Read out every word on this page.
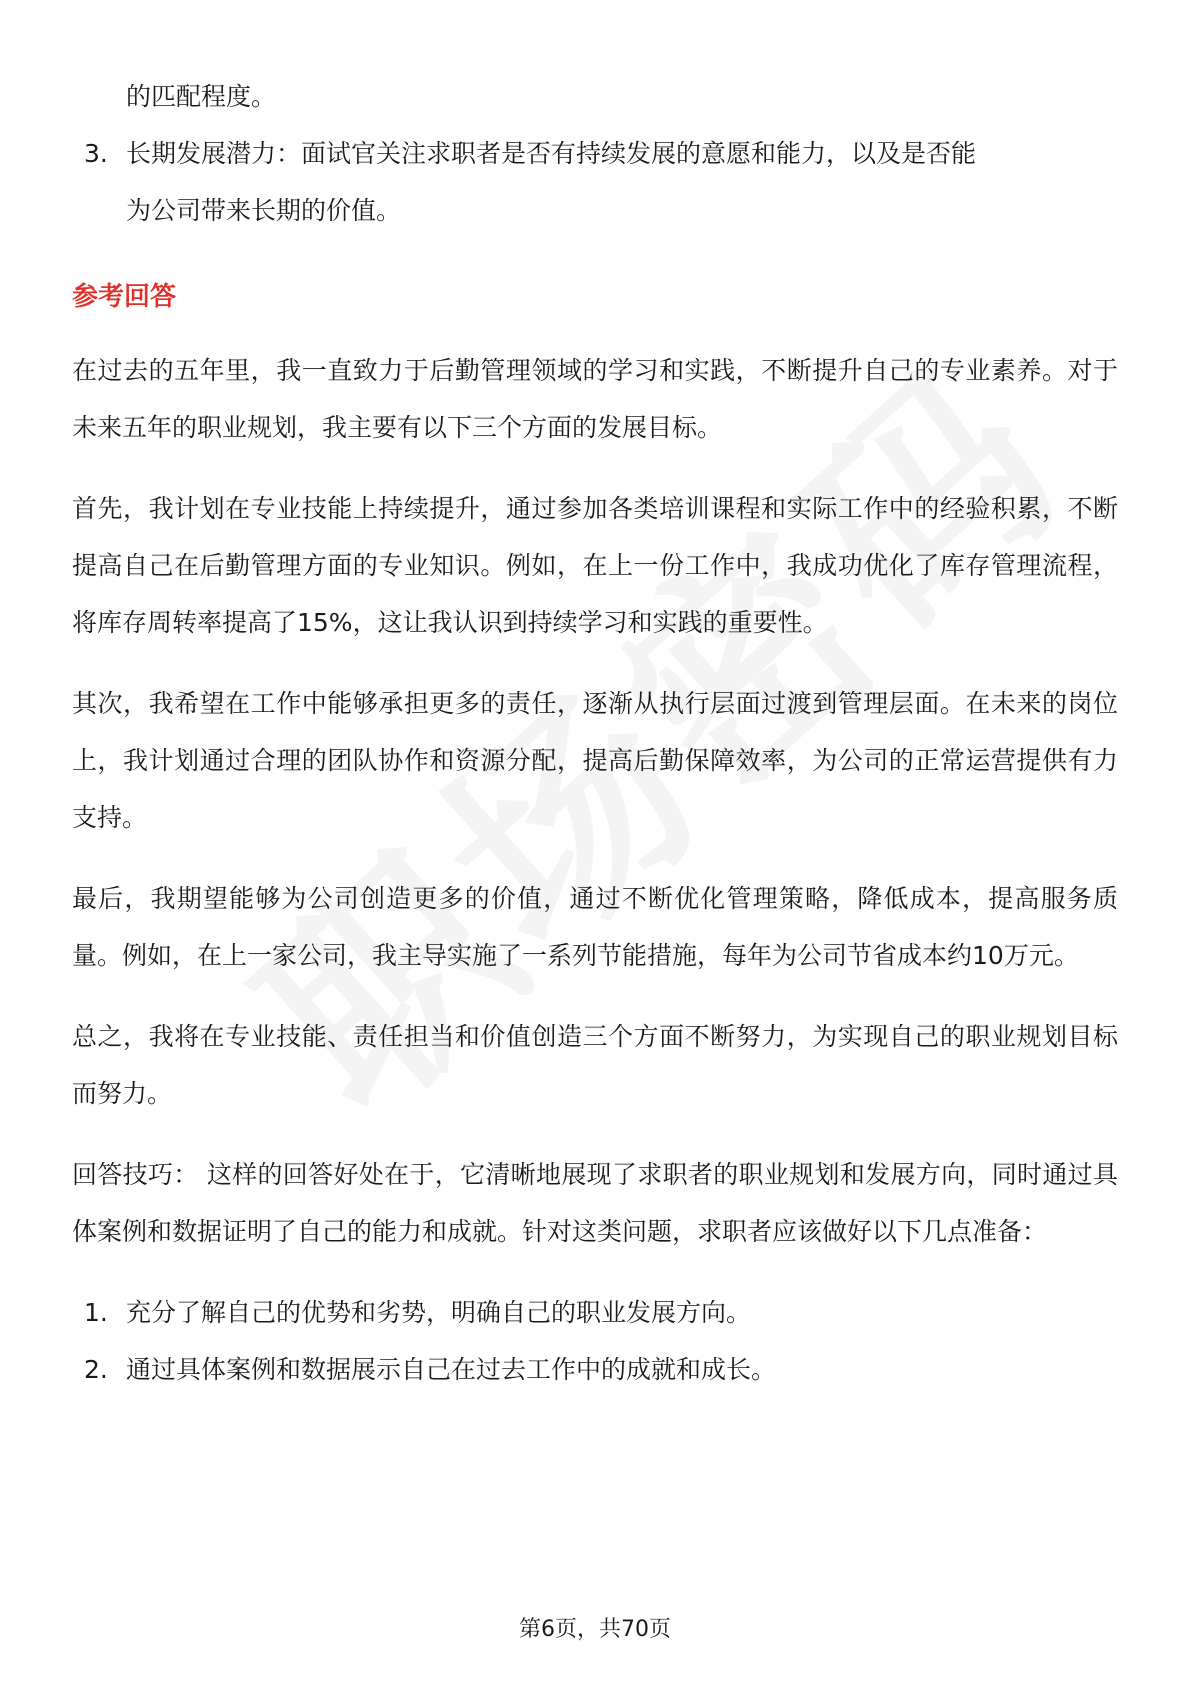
的匹配程度。

3. 长期发展潜力：面试官关注求职者是否有持续发展的意愿和能力，以及是否能

为公司带来长期的价值。

参考回答

在过去的五年里，我一直致力于后勤管理领域的学习和实践，不断提升自己的专业素养。对于未来五年的职业规划，我主要有以下三个方面的发展目标。

首先，我计划在专业技能上持续提升，通过参加各类培训课程和实际工作中的经验积累，不断提高自己在后勤管理方面的专业知识。例如，在上一份工作中，我成功优化了库存管理流程，将库存周转率提高了15%，这让我认识到持续学习和实践的重要性。

其次，我希望在工作中能够承担更多的责任，逐渐从执行层面过渡到管理层面。在未来的岗位上，我计划通过合理的团队协作和资源分配，提高后勤保障效率，为公司的正常运营提供有力支持。

最后，我期望能够为公司创造更多的价值，通过不断优化管理策略，降低成本，提高服务质量。例如，在上一家公司，我主导实施了一系列节能措施，每年为公司节省成本约10万元。

总之，我将在专业技能、责任担当和价值创造三个方面不断努力，为实现自己的职业规划目标而努力。

回答技巧： 这样的回答好处在于，它清晰地展现了求职者的职业规划和发展方向，同时通过具体案例和数据证明了自己的能力和成就。针对这类问题，求职者应该做好以下几点准备：

1. 充分了解自己的优势和劣势，明确自己的职业发展方向。
2. 通过具体案例和数据展示自己在过去工作中的成就和成长。
第6页，共70页
